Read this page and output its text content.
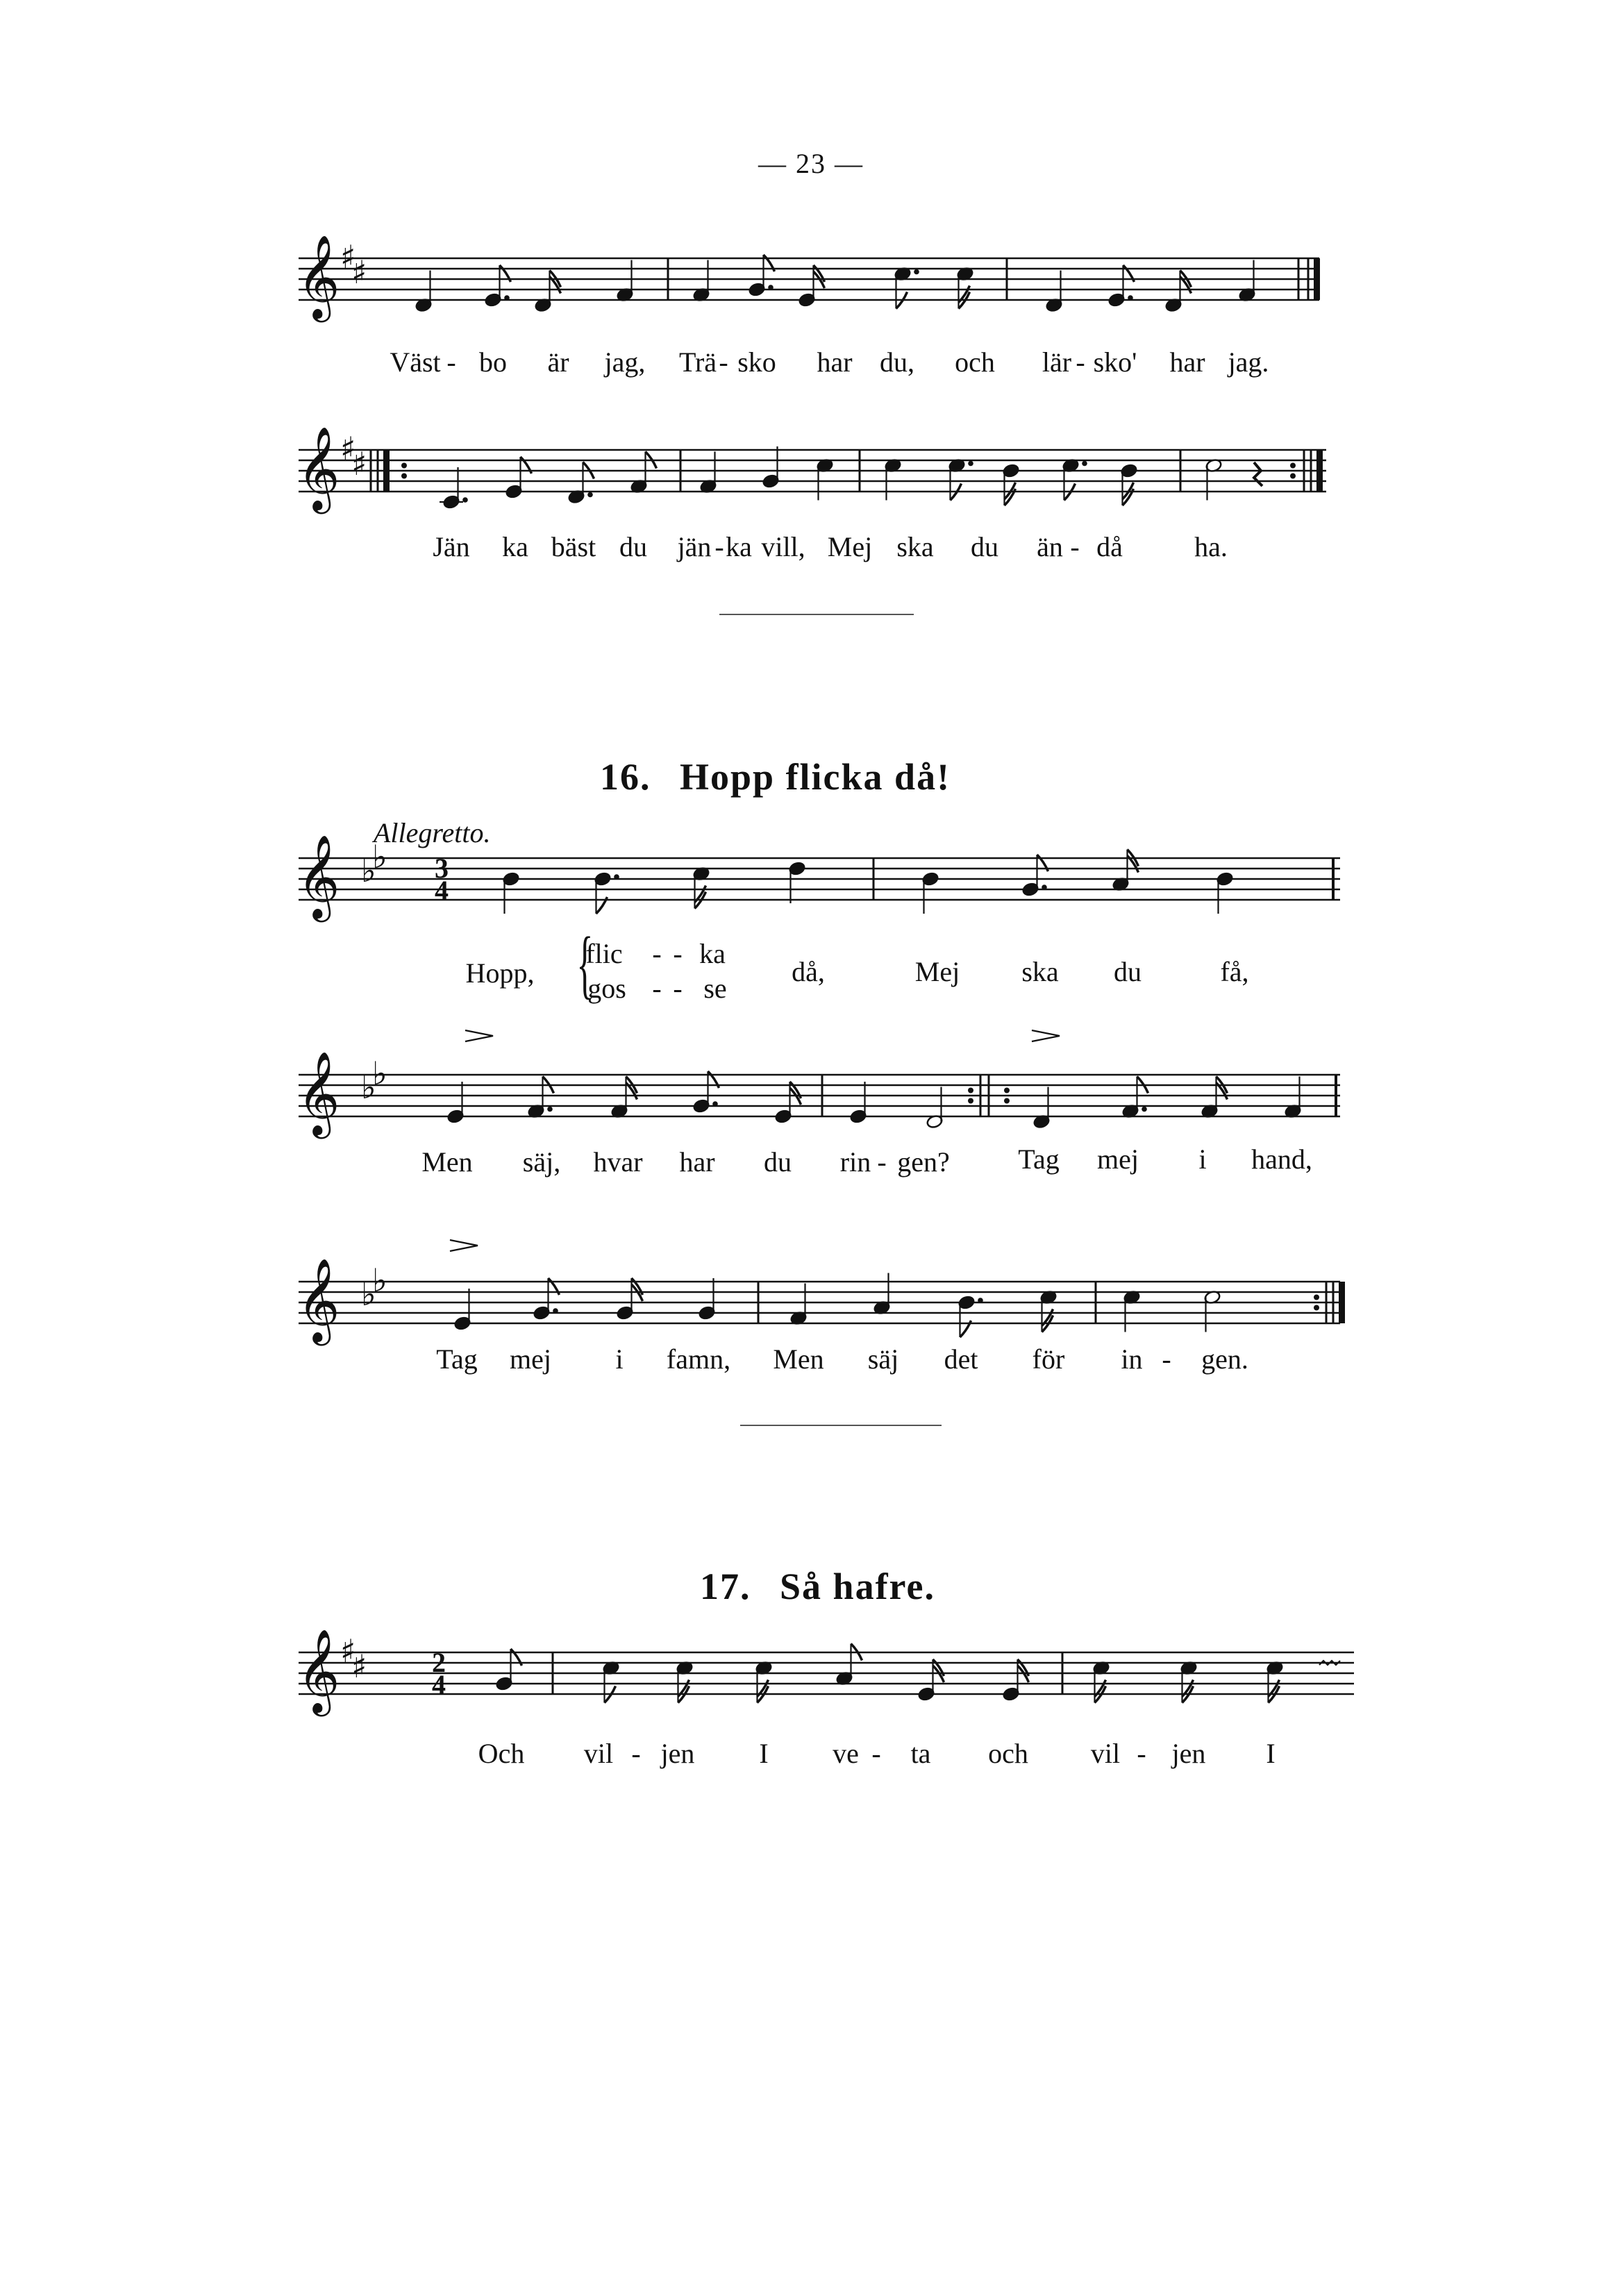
— 23 —
𝄞 ♯
♯
𝄞 ♯
♯
𝄞 ♭
♭ 3
4
𝄞 ♭
♭
𝄞 ♭
♭
𝄞 ♯
♯ 2
4
Väst - bo är jag, Trä - sko har du, och lär - sko' har jag.
Jän ka bäst du jän - ka vill, Mej ska du än - då	ha.
16. Hopp flicka då!
Allegretto.
Hopp, {
flic - - ka
gos - - se
då,	Mej ska du	få,
Men säj, hvar har du rin - gen? Tag mej i hand,
Tag mej i famn, Men säj det för in - gen.
17. Så hafre.
Och vil - jen I ve - ta och vil - jen I
